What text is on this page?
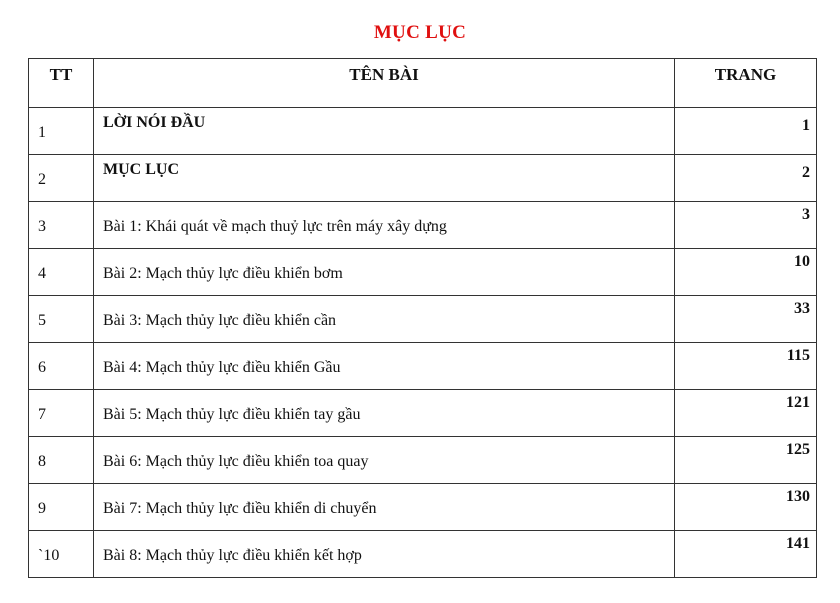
MỤC LỤC
TT	TÊN BÀI	TRANG
1	LỜI NÓI ĐẦU	1
2	MỤC LỤC	2
3	Bài 1: Khái quát về mạch thuỷ lực trên máy xây dựng	3
4	Bài 2: Mạch thủy lực điều khiển bơm	10
5	Bài 3: Mạch thủy lực điều khiển cần	33
6	Bài 4: Mạch thủy lực điều khiển Gầu	115
7	Bài 5: Mạch thủy lực điều khiển tay gầu	121
8	Bài 6: Mạch thủy lực điều khiển toa quay	125
9	Bài 7: Mạch thủy lực điều khiển di chuyển	130
`10	Bài 8: Mạch thủy lực điều khiển kết hợp	141
